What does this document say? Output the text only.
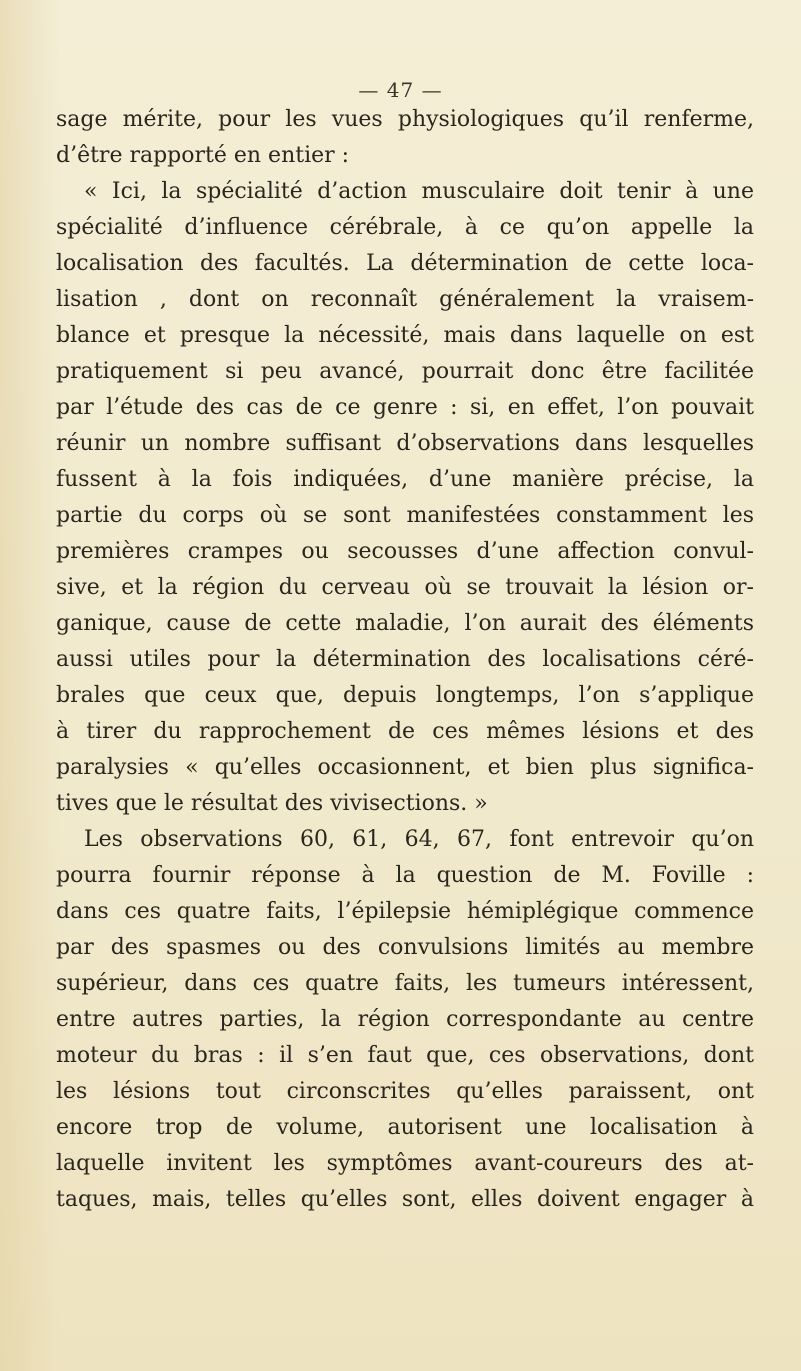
— 47 —
sage mérite, pour les vues physiologiques qu’il renferme,
d’être rapporté en entier :
« Ici, la spécialité d’action musculaire doit tenir à une
spécialité d’influence cérébrale, à ce qu’on appelle la
localisation des facultés. La détermination de cette loca-
lisation , dont on reconnaît généralement la vraisem-
blance et presque la nécessité, mais dans laquelle on est
pratiquement si peu avancé, pourrait donc être facilitée
par l’étude des cas de ce genre : si, en effet, l’on pouvait
réunir un nombre suffisant d’observations dans lesquelles
fussent à la fois indiquées, d’une manière précise, la
partie du corps où se sont manifestées constamment les
premières crampes ou secousses d’une affection convul-
sive, et la région du cerveau où se trouvait la lésion or-
ganique, cause de cette maladie, l’on aurait des éléments
aussi utiles pour la détermination des localisations céré-
brales que ceux que, depuis longtemps, l’on s’applique
à tirer du rapprochement de ces mêmes lésions et des
paralysies « qu’elles occasionnent, et bien plus significa-
tives que le résultat des vivisections. »
Les observations 60, 61, 64, 67, font entrevoir qu’on
pourra fournir réponse à la question de M. Foville :
dans ces quatre faits, l’épilepsie hémiplégique commence
par des spasmes ou des convulsions limités au membre
supérieur, dans ces quatre faits, les tumeurs intéressent,
entre autres parties, la région correspondante au centre
moteur du bras : il s’en faut que, ces observations, dont
les lésions tout circonscrites qu’elles paraissent, ont
encore trop de volume, autorisent une localisation à
laquelle invitent les symptômes avant-coureurs des at-
taques, mais, telles qu’elles sont, elles doivent engager à
